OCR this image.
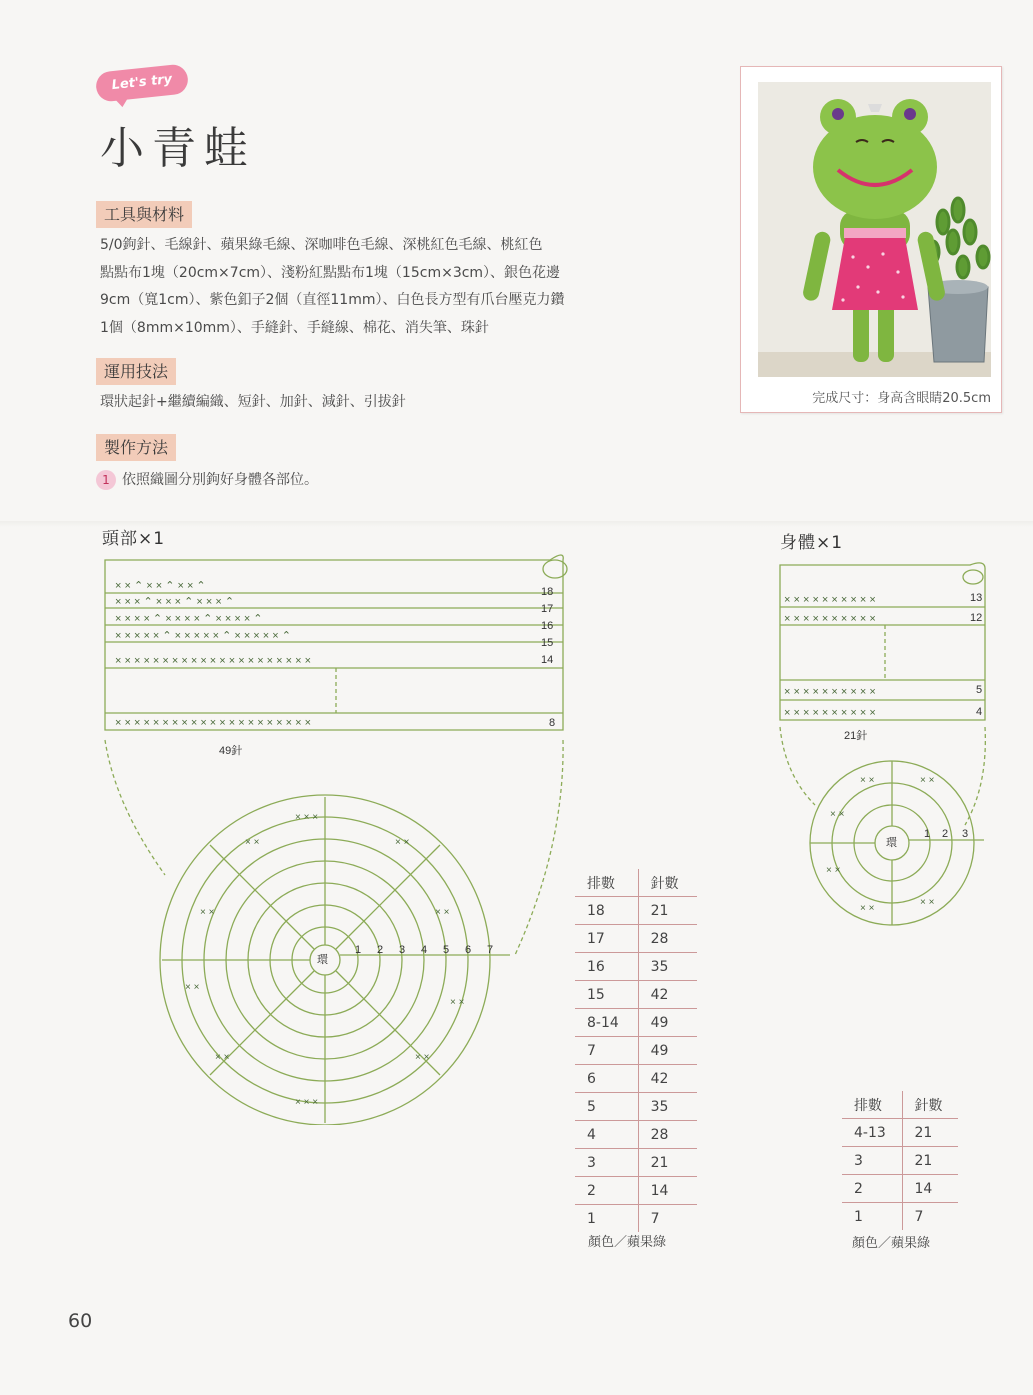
Let's try
小青蛙
工具與材料
5/0鉤針、毛線針、蘋果綠毛線、深咖啡色毛線、深桃紅色毛線、桃紅色
點點布1塊（20cm×7cm）、淺粉紅點點布1塊（15cm×3cm）、銀色花邊
9cm（寬1cm）、紫色釦子2個（直徑11mm）、白色長方型有爪台壓克力鑽
1個（8mm×10mm）、手縫針、手縫線、棉花、消失筆、珠針
運用技法
環狀起針+繼續編織、短針、加針、減針、引拔針
製作方法
1 依照織圖分別鉤好身體各部位。
完成尺寸：身高含眼睛20.5cm
頭部×1
× × ⌃ × × ⌃ × × ⌃
× × × ⌃ × × × ⌃ × × × ⌃
× × × × ⌃ × × × × ⌃ × × × × ⌃
× × × × × ⌃ × × × × × ⌃ × × × × × ⌃
× × × × × × × × × × × × × × × × × × × × ×
× × × × × × × × × × × × × × × × × × × × ×
18
17
16
15
14
8
49針
環
1 2 3 4 5 6 7
× ×	× ×
× ×	× ×
× ×
× ×
× ×	× ×
× × ×
× × ×
身體×1
× × × × × × × × × ×
× × × × × × × × × ×
× × × × × × × × × ×
× × × × × × × × × ×
13
12
5
4
21針
環
1 2 3
× ×
× ×
× ×
× ×
× ×
× ×
排數	針數
18	21
17	28
16	35
15	42
8-14	49
7	49
6	42
5	35
4	28
3	21
2	14
1	7
顏色／蘋果綠
排數	針數
4-13	21
3	21
2	14
1	7
顏色／蘋果綠
60
